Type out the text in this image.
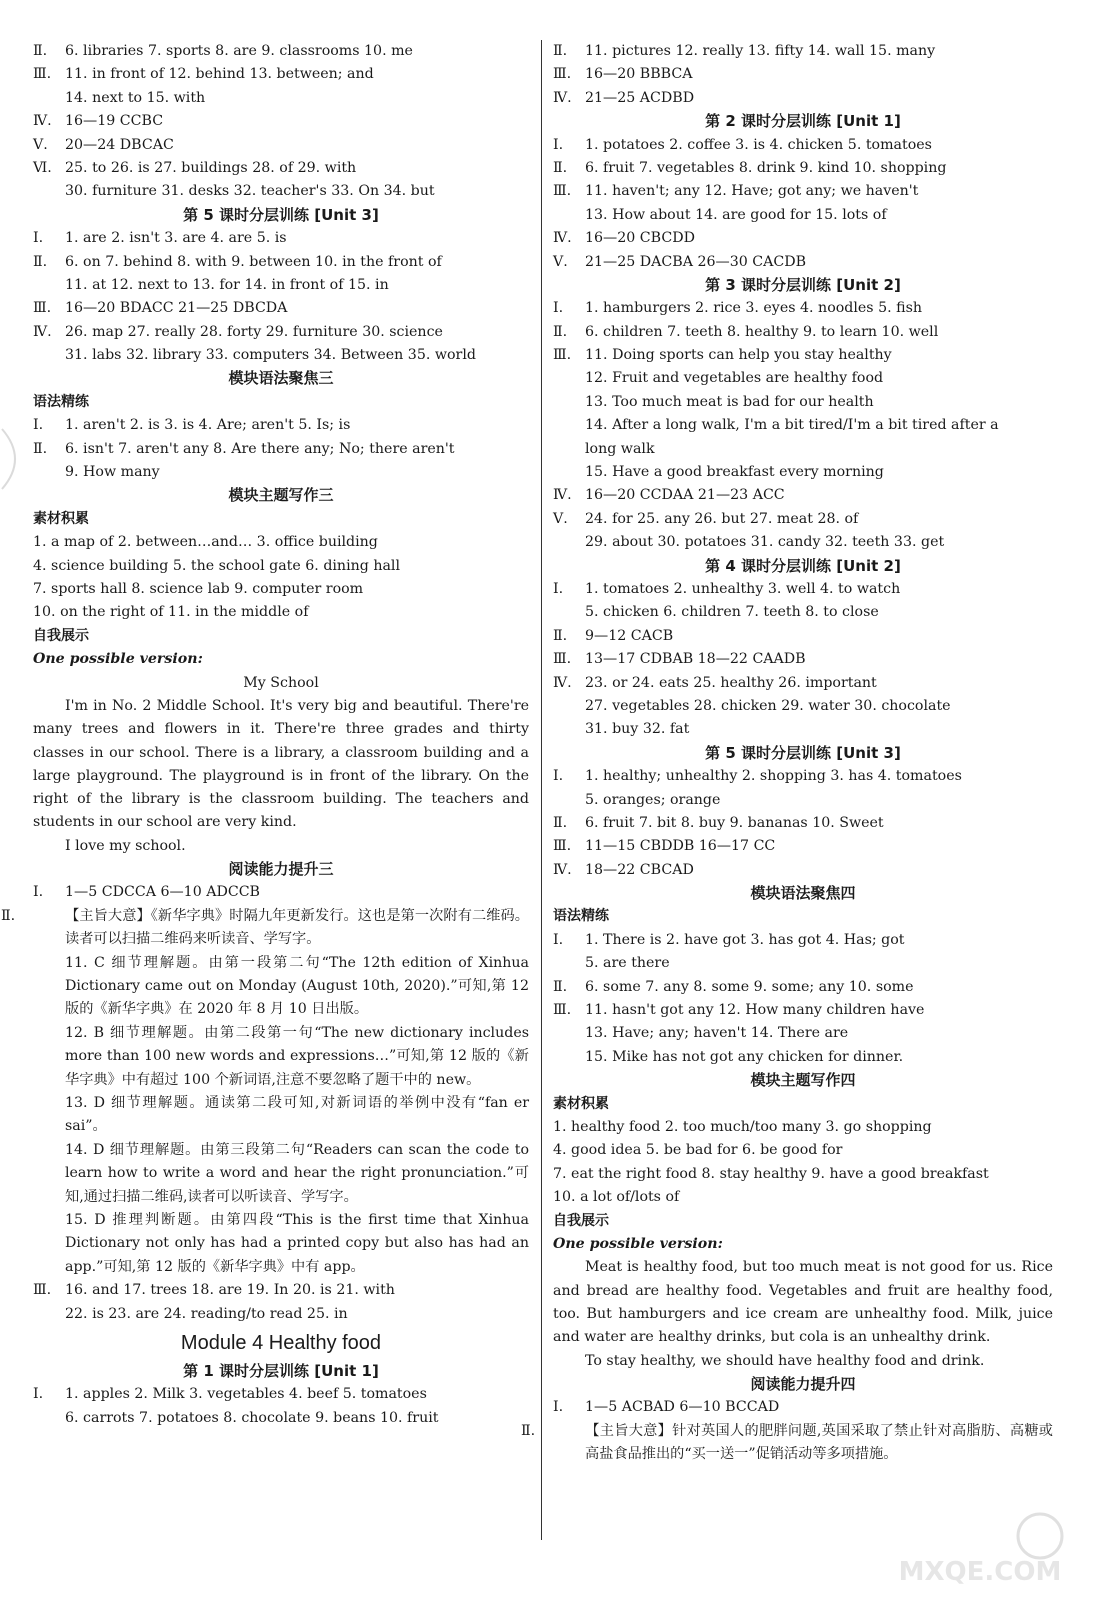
Ⅱ. 6. libraries 7. sports 8. are 9. classrooms 10. me
Ⅲ. 11. in front of 12. behind 13. between; and
14. next to 15. with
Ⅳ. 16—19 CCBC
Ⅴ. 20—24 DBCAC
Ⅵ. 25. to 26. is 27. buildings 28. of 29. with
30. furniture 31. desks 32. teacher's 33. On 34. but
第 5 课时分层训练 [Unit 3]
Ⅰ. 1. are 2. isn't 3. are 4. are 5. is
Ⅱ. 6. on 7. behind 8. with 9. between 10. in the front of
11. at 12. next to 13. for 14. in front of 15. in
Ⅲ. 16—20 BDACC 21—25 DBCDA
Ⅳ. 26. map 27. really 28. forty 29. furniture 30. science
31. labs 32. library 33. computers 34. Between 35. world
模块语法聚焦三
语法精练
Ⅰ. 1. aren't 2. is 3. is 4. Are; aren't 5. Is; is
Ⅱ. 6. isn't 7. aren't any 8. Are there any; No; there aren't
9. How many
模块主题写作三
素材积累
1. a map of 2. between…and… 3. office building
4. science building 5. the school gate 6. dining hall
7. sports hall 8. science lab 9. computer room
10. on the right of 11. in the middle of
自我展示
One possible version:
My School
I'm in No. 2 Middle School. It's very big and beautiful. There're many trees and flowers in it. There're three grades and thirty classes in our school. There is a library, a classroom building and a large playground. The playground is in front of the library. On the right of the library is the classroom building. The teachers and students in our school are very kind.
I love my school.
阅读能力提升三
Ⅰ. 1—5 CDCCA 6—10 ADCCB
Ⅱ.	【主旨大意】《新华字典》时隔九年更新发行。这也是第一次附有二维码。读者可以扫描二维码来听读音、学写字。
11. C 细节理解题。由第一段第二句“The 12th edition of Xinhua Dictionary came out on Monday (August 10th, 2020).”可知,第 12 版的《新华字典》在 2020 年 8 月 10 日出版。
12. B 细节理解题。由第二段第一句“The new dictionary includes more than 100 new words and expressions…”可知,第 12 版的《新华字典》中有超过 100 个新词语,注意不要忽略了题干中的 new。
13. D 细节理解题。通读第二段可知,对新词语的举例中没有“fan er sai”。
14. D 细节理解题。由第三段第二句“Readers can scan the code to learn how to write a word and hear the right pronunciation.”可知,通过扫描二维码,读者可以听读音、学写字。
15. D 推理判断题。由第四段“This is the first time that Xinhua Dictionary not only has had a printed copy but also has had an app.”可知,第 12 版的《新华字典》中有 app。
Ⅲ. 16. and 17. trees 18. are 19. In 20. is 21. with
22. is 23. are 24. reading/to read 25. in
Module 4 Healthy food
第 1 课时分层训练 [Unit 1]
Ⅰ. 1. apples 2. Milk 3. vegetables 4. beef 5. tomatoes
6. carrots 7. potatoes 8. chocolate 9. beans 10. fruit
Ⅱ. 11. pictures 12. really 13. fifty 14. wall 15. many
Ⅲ. 16—20 BBBCA
Ⅳ. 21—25 ACDBD
第 2 课时分层训练 [Unit 1]
Ⅰ. 1. potatoes 2. coffee 3. is 4. chicken 5. tomatoes
Ⅱ. 6. fruit 7. vegetables 8. drink 9. kind 10. shopping
Ⅲ. 11. haven't; any 12. Have; got any; we haven't
13. How about 14. are good for 15. lots of
Ⅳ. 16—20 CBCDD
Ⅴ. 21—25 DACBA 26—30 CACDB
第 3 课时分层训练 [Unit 2]
Ⅰ. 1. hamburgers 2. rice 3. eyes 4. noodles 5. fish
Ⅱ. 6. children 7. teeth 8. healthy 9. to learn 10. well
Ⅲ. 11. Doing sports can help you stay healthy
12. Fruit and vegetables are healthy food
13. Too much meat is bad for our health
14. After a long walk, I'm a bit tired/I'm a bit tired after a
long walk
15. Have a good breakfast every morning
Ⅳ. 16—20 CCDAA 21—23 ACC
Ⅴ. 24. for 25. any 26. but 27. meat 28. of
29. about 30. potatoes 31. candy 32. teeth 33. get
第 4 课时分层训练 [Unit 2]
Ⅰ. 1. tomatoes 2. unhealthy 3. well 4. to watch
5. chicken 6. children 7. teeth 8. to close
Ⅱ. 9—12 CACB
Ⅲ. 13—17 CDBAB 18—22 CAADB
Ⅳ. 23. or 24. eats 25. healthy 26. important
27. vegetables 28. chicken 29. water 30. chocolate
31. buy 32. fat
第 5 课时分层训练 [Unit 3]
Ⅰ. 1. healthy; unhealthy 2. shopping 3. has 4. tomatoes
5. oranges; orange
Ⅱ. 6. fruit 7. bit 8. buy 9. bananas 10. Sweet
Ⅲ. 11—15 CBDDB 16—17 CC
Ⅳ. 18—22 CBCAD
模块语法聚焦四
语法精练
Ⅰ. 1. There is 2. have got 3. has got 4. Has; got
5. are there
Ⅱ. 6. some 7. any 8. some 9. some; any 10. some
Ⅲ. 11. hasn't got any 12. How many children have
13. Have; any; haven't 14. There are
15. Mike has not got any chicken for dinner.
模块主题写作四
素材积累
1. healthy food 2. too much/too many 3. go shopping
4. good idea 5. be bad for 6. be good for
7. eat the right food 8. stay healthy 9. have a good breakfast
10. a lot of/lots of
自我展示
One possible version:
Meat is healthy food, but too much meat is not good for us. Rice and bread are healthy food. Vegetables and fruit are healthy food, too. But hamburgers and ice cream are unhealthy food. Milk, juice and water are healthy drinks, but cola is an unhealthy drink.
To stay healthy, we should have healthy food and drink.
阅读能力提升四
Ⅰ. 1—5 ACBAD 6—10 BCCAD
Ⅱ.	【主旨大意】针对英国人的肥胖问题,英国采取了禁止针对高脂肪、高糖或高盐食品推出的“买一送一”促销活动等多项措施。
MXQE.COM
